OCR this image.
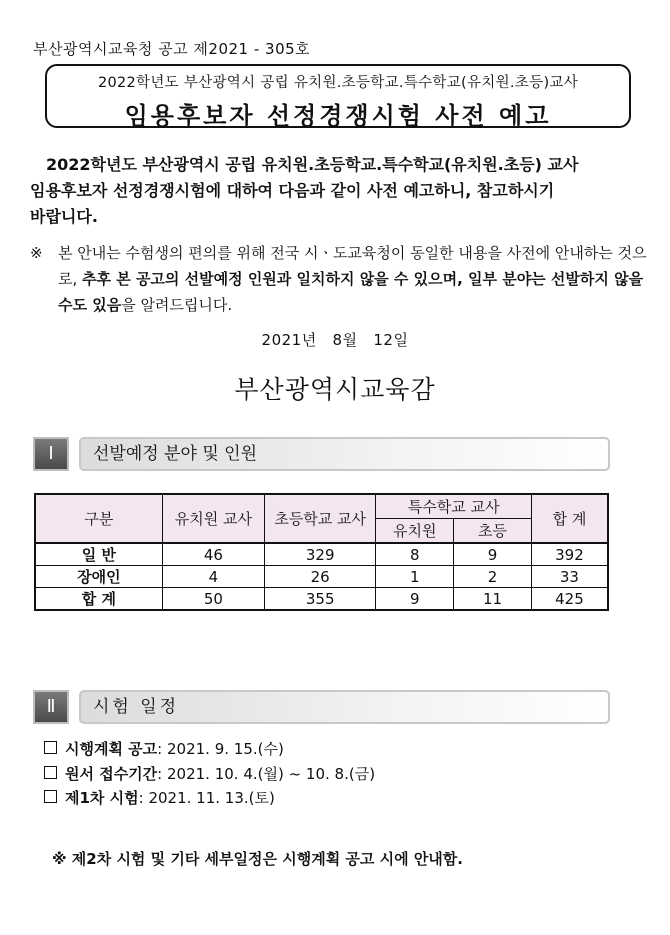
부산광역시교육청 공고 제2021 - 305호
2022학년도 부산광역시 공립 유치원.초등학교.특수학교(유치원.초등)교사
임용후보자 선정경쟁시험 사전 예고
2022학년도 부산광역시 공립 유치원.초등학교.특수학교(유치원.초등) 교사
임용후보자 선정경쟁시험에 대하여 다음과 같이 사전 예고하니, 참고하시기
바랍니다.
※ 본 안내는 수험생의 편의를 위해 전국 시ㆍ도교육청이 동일한 내용을 사전에 안내하는 것으로, 추후 본 공고의 선발예정 인원과 일치하지 않을 수 있으며, 일부 분야는 선발하지 않을 수도 있음을 알려드립니다.
2021년   8월   12일
부산광역시교육감
Ⅰ	선발예정 분야 및 인원
구분	유치원 교사	초등학교 교사	특수학교 교사		합 계
			유치원	초등	
일 반	46	329	8	9	392
장애인	4	26	1	2	33
합 계	50	355	9	11	425
Ⅱ	시험 일정
시행계획 공고: 2021. 9. 15.(수)
원서 접수기간: 2021. 10. 4.(월) ~ 10. 8.(금)
제1차 시험: 2021. 11. 13.(토)
※ 제2차 시험 및 기타 세부일정은 시행계획 공고 시에 안내함.
